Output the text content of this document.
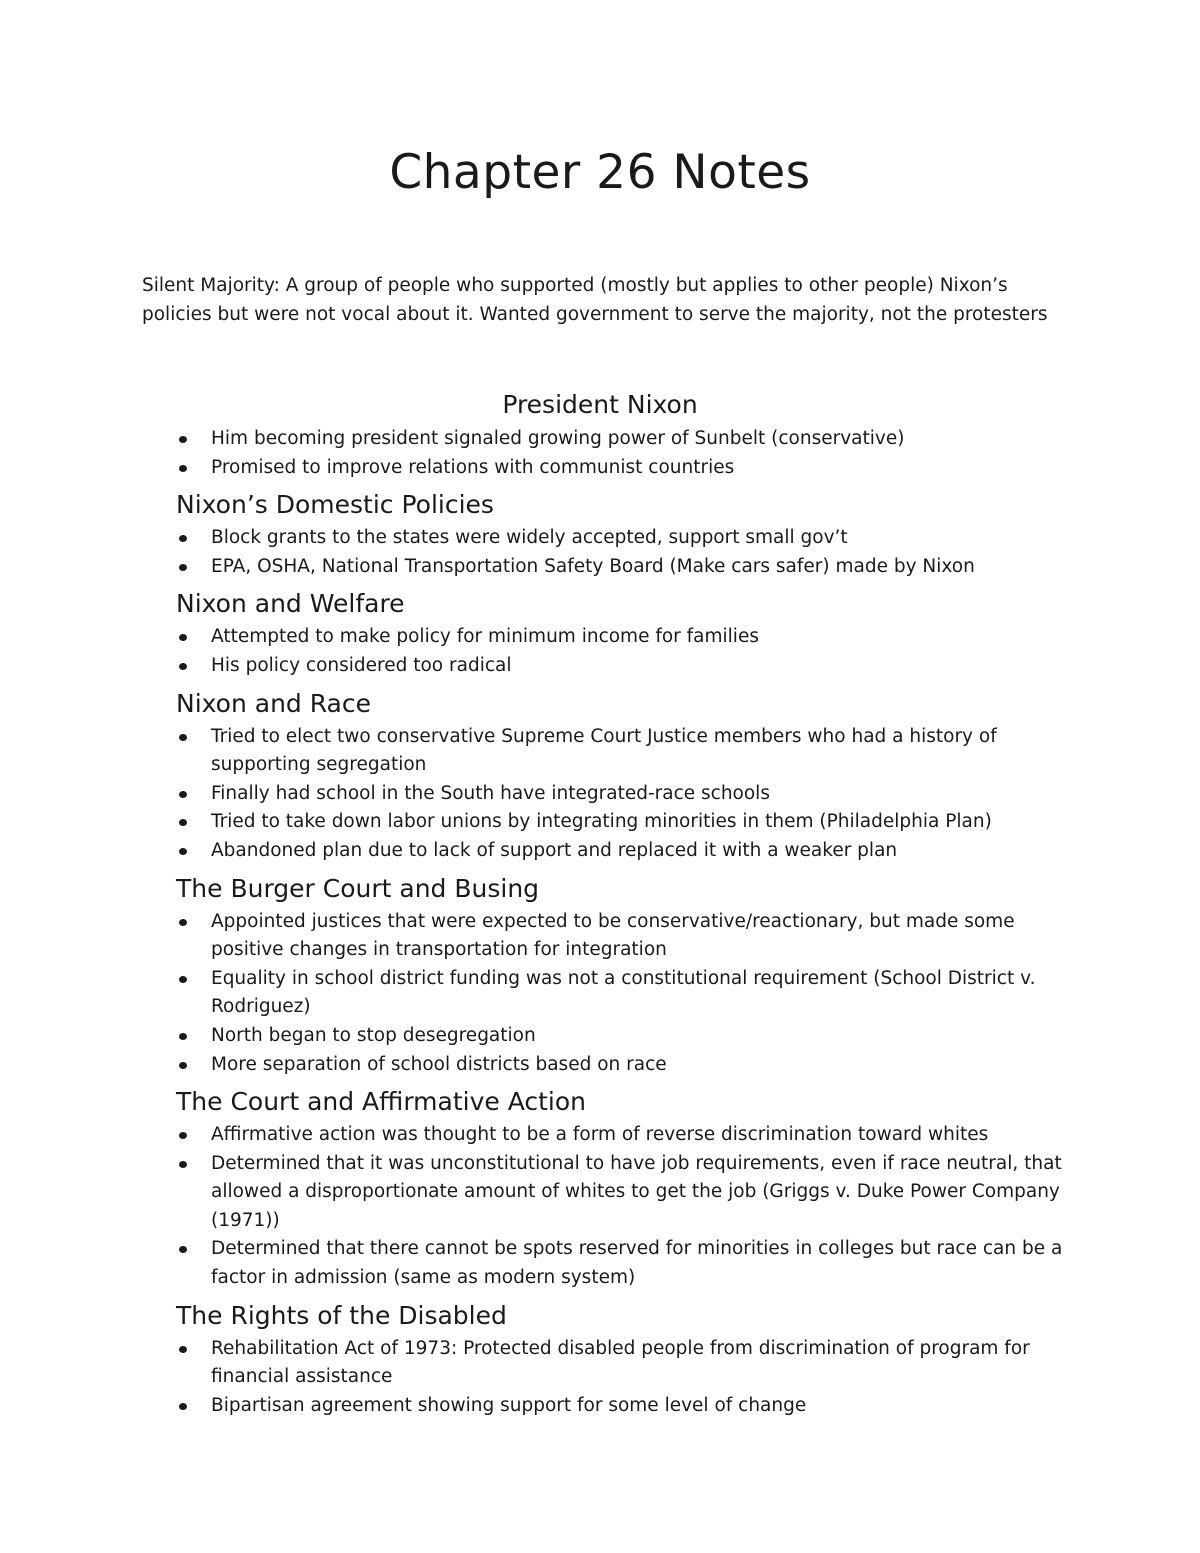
Chapter 26 Notes

Silent Majority: A group of people who supported (mostly but applies to other people) Nixon’s policies but were not vocal about it. Wanted government to serve the majority, not the protesters

President Nixon
Him becoming president signaled growing power of Sunbelt (conservative)
Promised to improve relations with communist countries
Nixon’s Domestic Policies
Block grants to the states were widely accepted, support small gov’t
EPA, OSHA, National Transportation Safety Board (Make cars safer) made by Nixon
Nixon and Welfare
Attempted to make policy for minimum income for families
His policy considered too radical
Nixon and Race
Tried to elect two conservative Supreme Court Justice members who had a history of supporting segregation
Finally had school in the South have integrated-race schools
Tried to take down labor unions by integrating minorities in them (Philadelphia Plan)
Abandoned plan due to lack of support and replaced it with a weaker plan
The Burger Court and Busing
Appointed justices that were expected to be conservative/reactionary, but made some positive changes in transportation for integration
Equality in school district funding was not a constitutional requirement (School District v. Rodriguez)
North began to stop desegregation
More separation of school districts based on race
The Court and Affirmative Action
Affirmative action was thought to be a form of reverse discrimination toward whites
Determined that it was unconstitutional to have job requirements, even if race neutral, that allowed a disproportionate amount of whites to get the job (Griggs v. Duke Power Company (1971))
Determined that there cannot be spots reserved for minorities in colleges but race can be a factor in admission (same as modern system)
The Rights of the Disabled
Rehabilitation Act of 1973: Protected disabled people from discrimination of program for financial assistance
Bipartisan agreement showing support for some level of change
